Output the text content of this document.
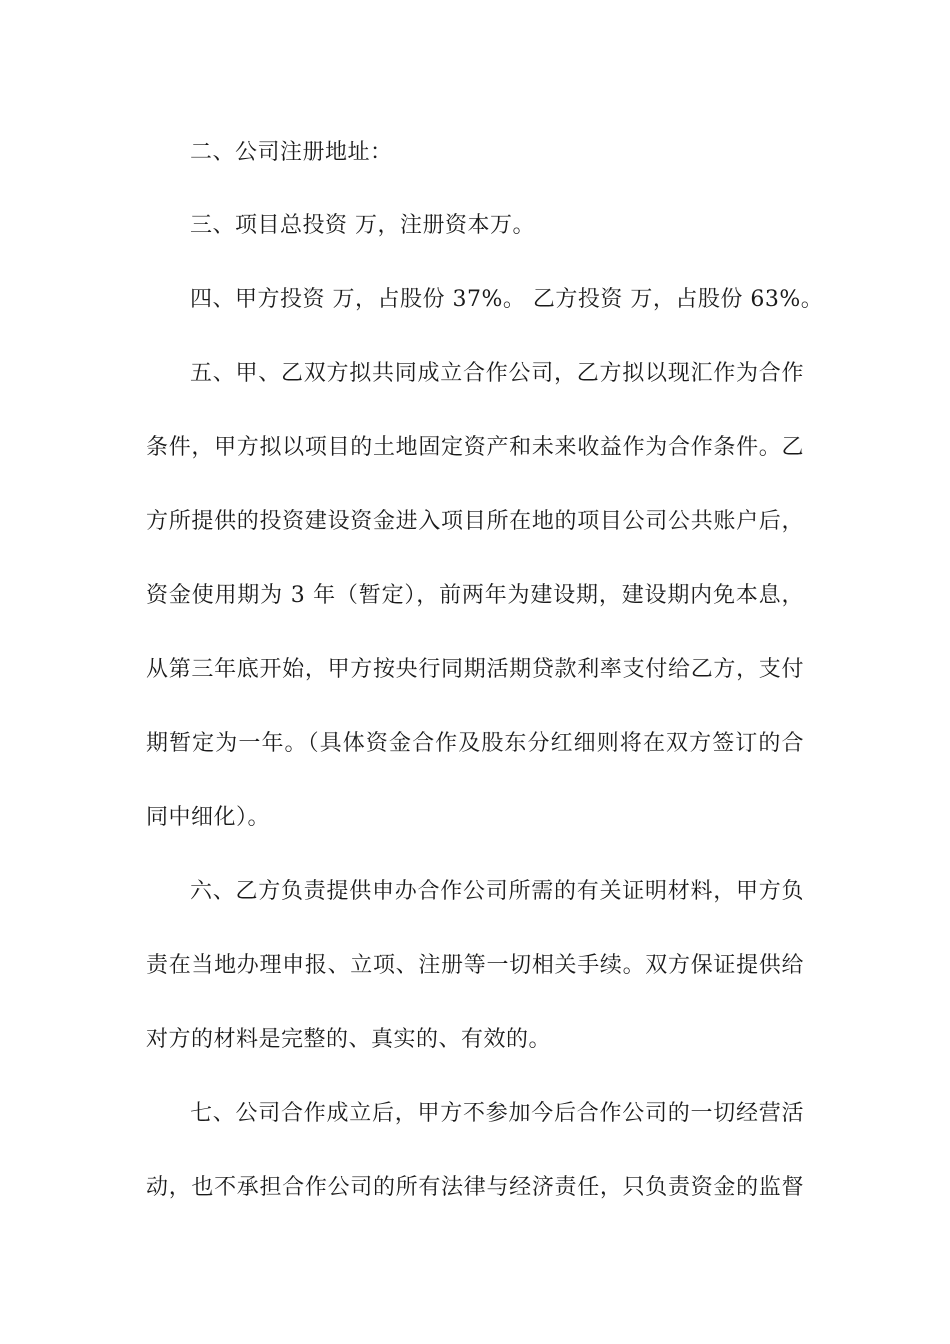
二、公司注册地址：
三、项目总投资 万，注册资本万。
四、甲方投资 万，占股份 37%。 乙方投资 万，占股份 63%。
五、甲、乙双方拟共同成立合作公司，乙方拟以现汇作为合作
条件，甲方拟以项目的土地固定资产和未来收益作为合作条件。乙
方所提供的投资建设资金进入项目所在地的项目公司公共账户后，
资金使用期为 3 年（暂定），前两年为建设期，建设期内免本息，
从第三年底开始，甲方按央行同期活期贷款利率支付给乙方，支付
期暂定为一年。（具体资金合作及股东分红细则将在双方签订的合
同中细化）。
六、乙方负责提供申办合作公司所需的有关证明材料，甲方负
责在当地办理申报、立项、注册等一切相关手续。双方保证提供给
对方的材料是完整的、真实的、有效的。
七、公司合作成立后，甲方不参加今后合作公司的一切经营活
动，也不承担合作公司的所有法律与经济责任，只负责资金的监督
